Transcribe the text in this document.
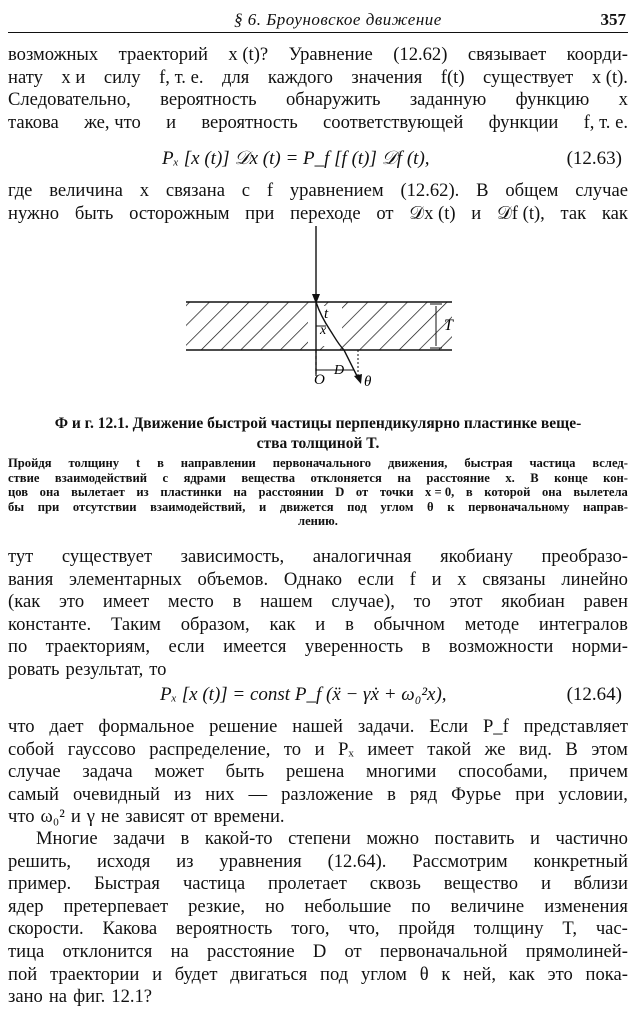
§ 6. Броуновское движение	357
возможных траекторий x (t)? Уравнение (12.62) связывает коорди-
нату x и силу f, т. е. для каждого значения f(t) существует x (t).
Следовательно, вероятность обнаружить заданную функцию x
такова же, что и вероятность соответствующей функции f, т. е.
Pₓ [x (t)] 𝒟x (t) = P_f [f (t)] 𝒟f (t),	(12.63)
где величина x связана с f уравнением (12.62). В общем случае
нужно быть осторожным при переходе от 𝒟x (t) и 𝒟f (t), так как
t
x	T
O
D
θ
Ф и г. 12.1. Движение быстрой частицы перпендикулярно пластинке веще-
ства толщиной T.
Пройдя толщину t в направлении первоначального движения, быстрая частица вслед-
ствие взаимодействий с ядрами вещества отклоняется на расстояние x. В конце кон-
цов она вылетает из пластинки на расстоянии D от точки x = 0, в которой она вылетела
бы при отсутствии взаимодействий, и движется под углом θ к первоначальному направ-
лению.
тут существует зависимость, аналогичная якобиану преобразо-
вания элементарных объемов. Однако если f и x связаны линейно
(как это имеет место в нашем случае), то этот якобиан равен
константе. Таким образом, как и в обычном методе интегралов
по траекториям, если имеется уверенность в возможности норми-
ровать результат, то
Pₓ [x (t)] = const P_f (ẍ − γẋ + ω₀²x),	(12.64)
что дает формальное решение нашей задачи. Если P_f представляет
собой гауссово распределение, то и Pₓ имеет такой же вид. В этом
случае задача может быть решена многими способами, причем
самый очевидный из них — разложение в ряд Фурье при условии,
что ω₀² и γ не зависят от времени.
Многие задачи в какой-то степени можно поставить и частично
решить, исходя из уравнения (12.64). Рассмотрим конкретный
пример. Быстрая частица пролетает сквозь вещество и вблизи
ядер претерпевает резкие, но небольшие по величине изменения
скорости. Какова вероятность того, что, пройдя толщину T, час-
тица отклонится на расстояние D от первоначальной прямолиней-
пой траектории и будет двигаться под углом θ к ней, как это пока-
зано на фиг. 12.1?
